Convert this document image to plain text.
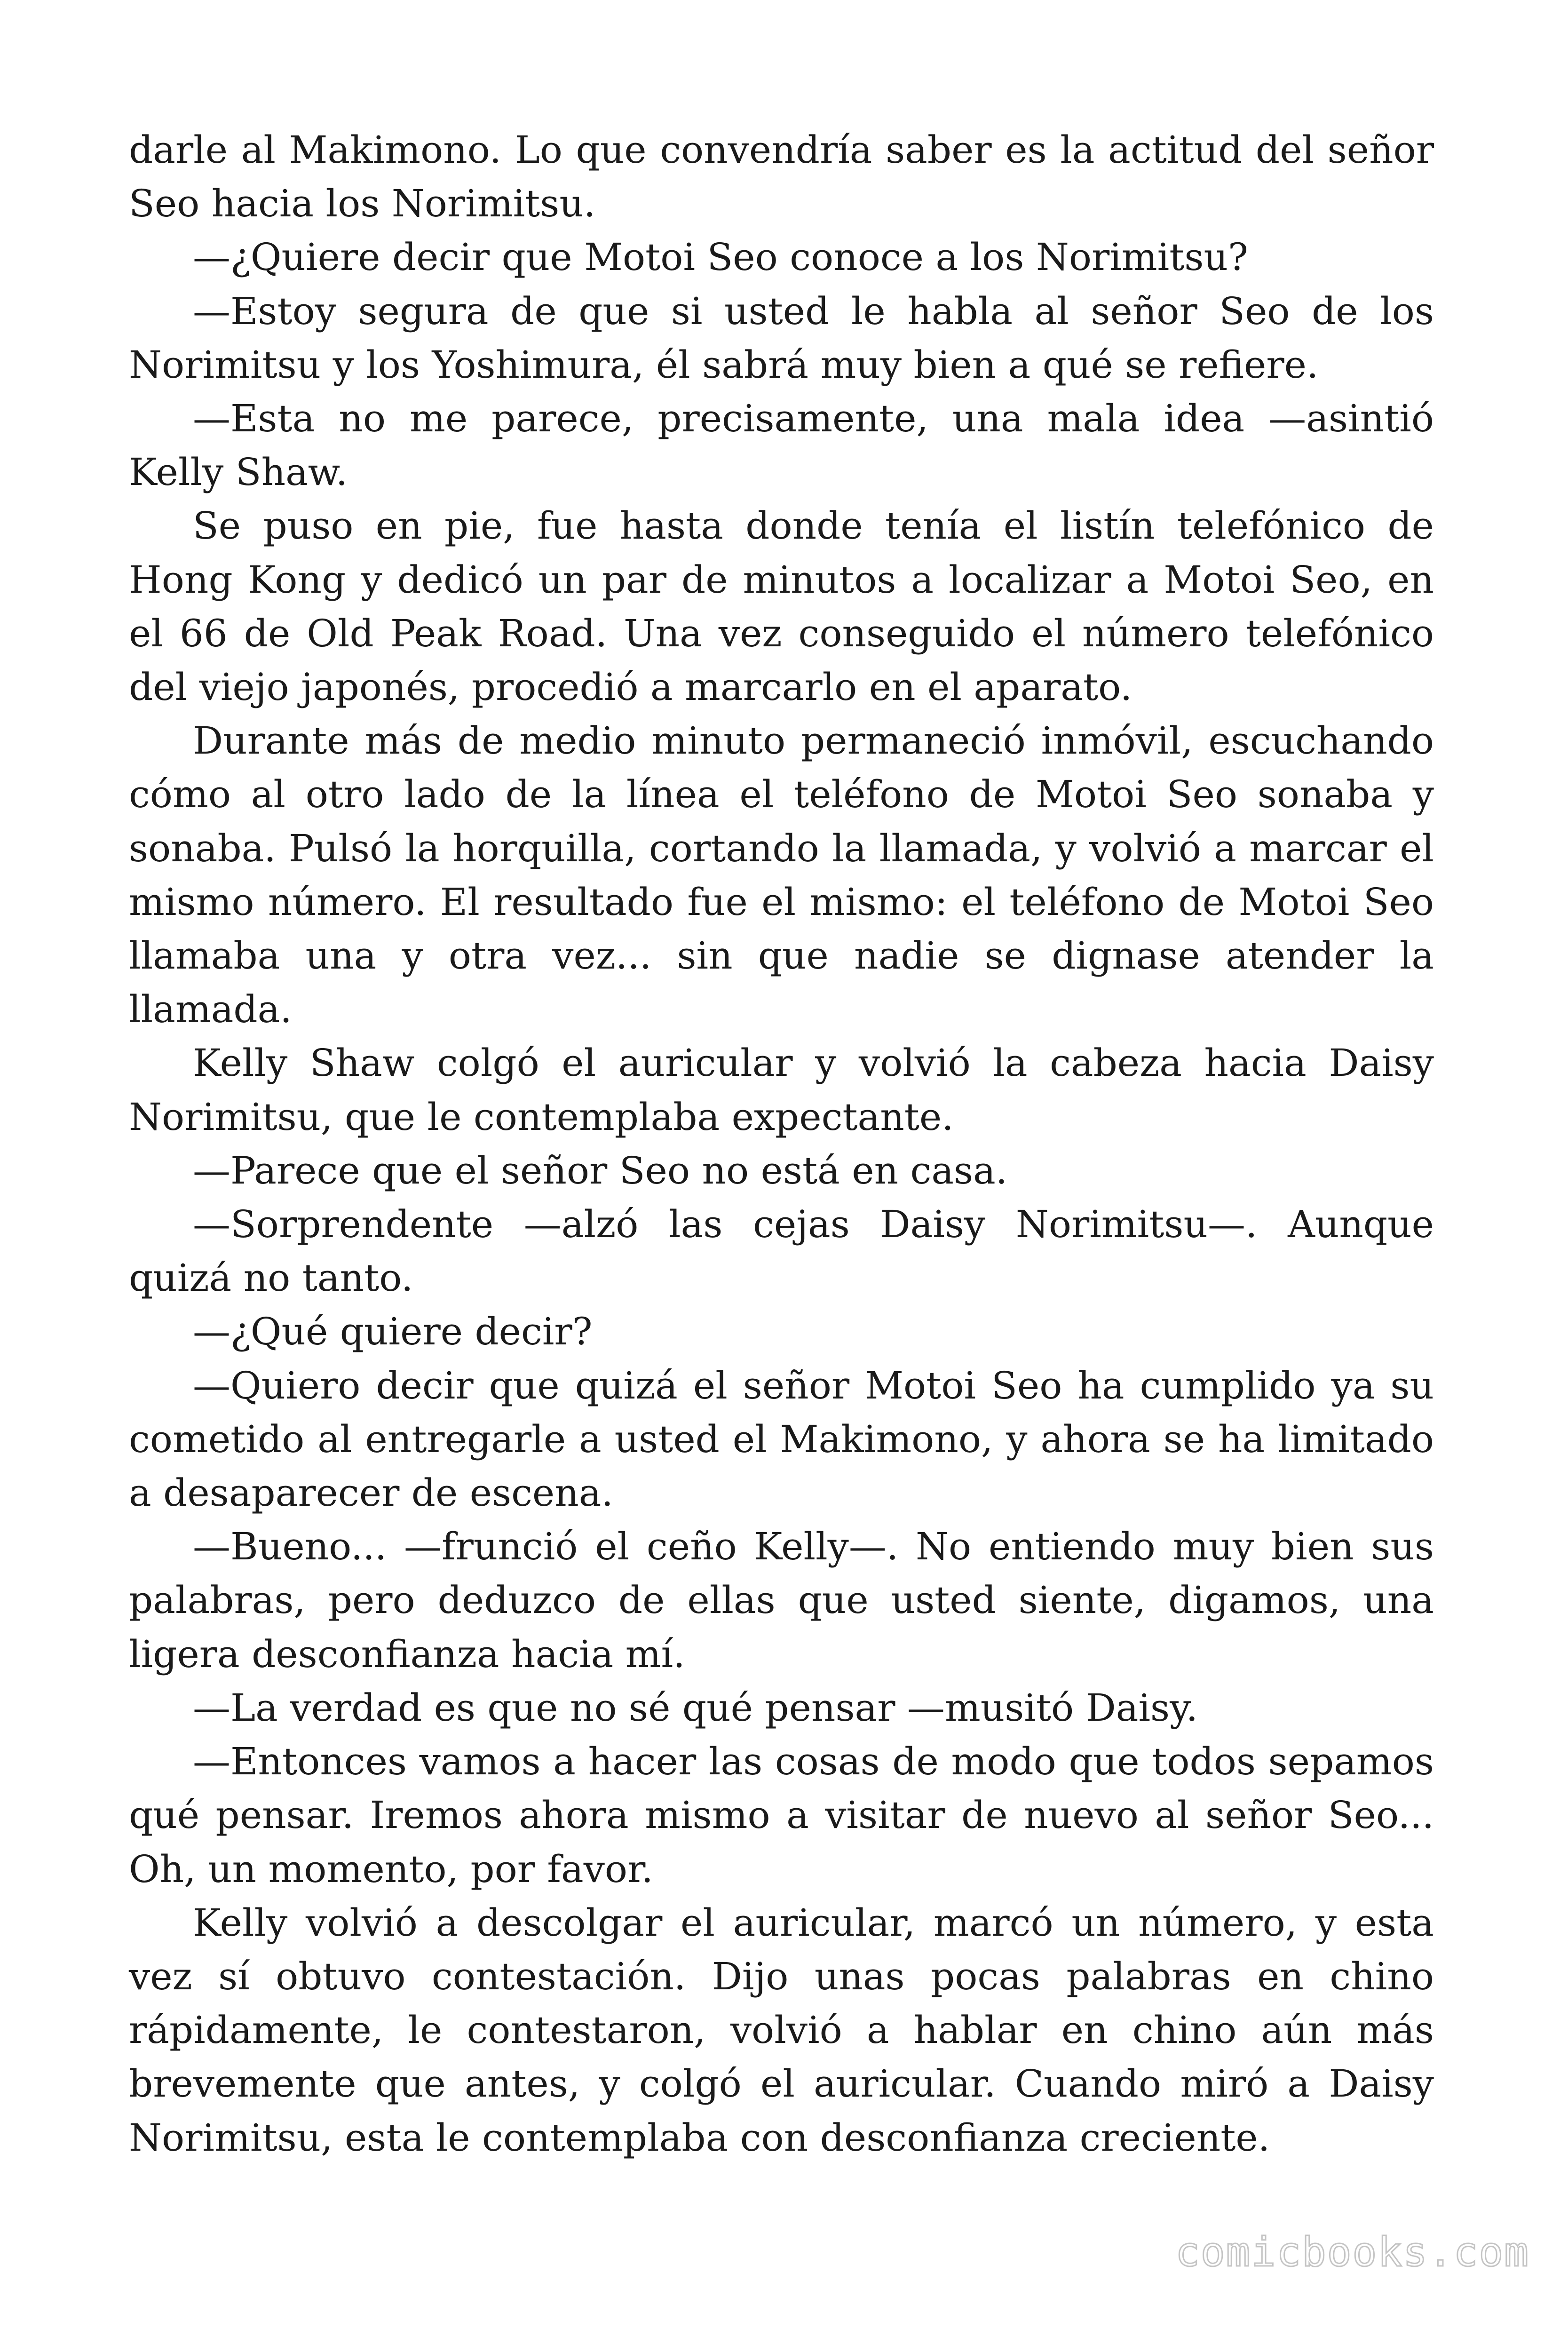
darle al Makimono. Lo que convendría saber es la actitud del señor Seo hacia los Norimitsu.

—¿Quiere decir que Motoi Seo conoce a los Norimitsu?

—Estoy segura de que si usted le habla al señor Seo de los Norimitsu y los Yoshimura, él sabrá muy bien a qué se refiere.

—Esta no me parece, precisamente, una mala idea —asintió Kelly Shaw.

Se puso en pie, fue hasta donde tenía el listín telefónico de Hong Kong y dedicó un par de minutos a localizar a Motoi Seo, en el 66 de Old Peak Road. Una vez conseguido el número telefónico del viejo japonés, procedió a marcarlo en el aparato.

Durante más de medio minuto permaneció inmóvil, escuchando cómo al otro lado de la línea el teléfono de Motoi Seo sonaba y sonaba. Pulsó la horquilla, cortando la llamada, y volvió a marcar el mismo número. El resultado fue el mismo: el teléfono de Motoi Seo llamaba una y otra vez... sin que nadie se dignase atender la llamada.

Kelly Shaw colgó el auricular y volvió la cabeza hacia Daisy Norimitsu, que le contemplaba expectante.

—Parece que el señor Seo no está en casa.

—Sorprendente —alzó las cejas Daisy Norimitsu—. Aunque quizá no tanto.

—¿Qué quiere decir?

—Quiero decir que quizá el señor Motoi Seo ha cumplido ya su cometido al entregarle a usted el Makimono, y ahora se ha limitado a desaparecer de escena.

—Bueno... —frunció el ceño Kelly—. No entiendo muy bien sus palabras, pero deduzco de ellas que usted siente, digamos, una ligera desconfianza hacia mí.

—La verdad es que no sé qué pensar —musitó Daisy.

—Entonces vamos a hacer las cosas de modo que todos sepamos qué pensar. Iremos ahora mismo a visitar de nuevo al señor Seo... Oh, un momento, por favor.

Kelly volvió a descolgar el auricular, marcó un número, y esta vez sí obtuvo contestación. Dijo unas pocas palabras en chino rápidamente, le contestaron, volvió a hablar en chino aún más brevemente que antes, y colgó el auricular. Cuando miró a Daisy Norimitsu, esta le contemplaba con desconfianza creciente.

comicbooks.com
